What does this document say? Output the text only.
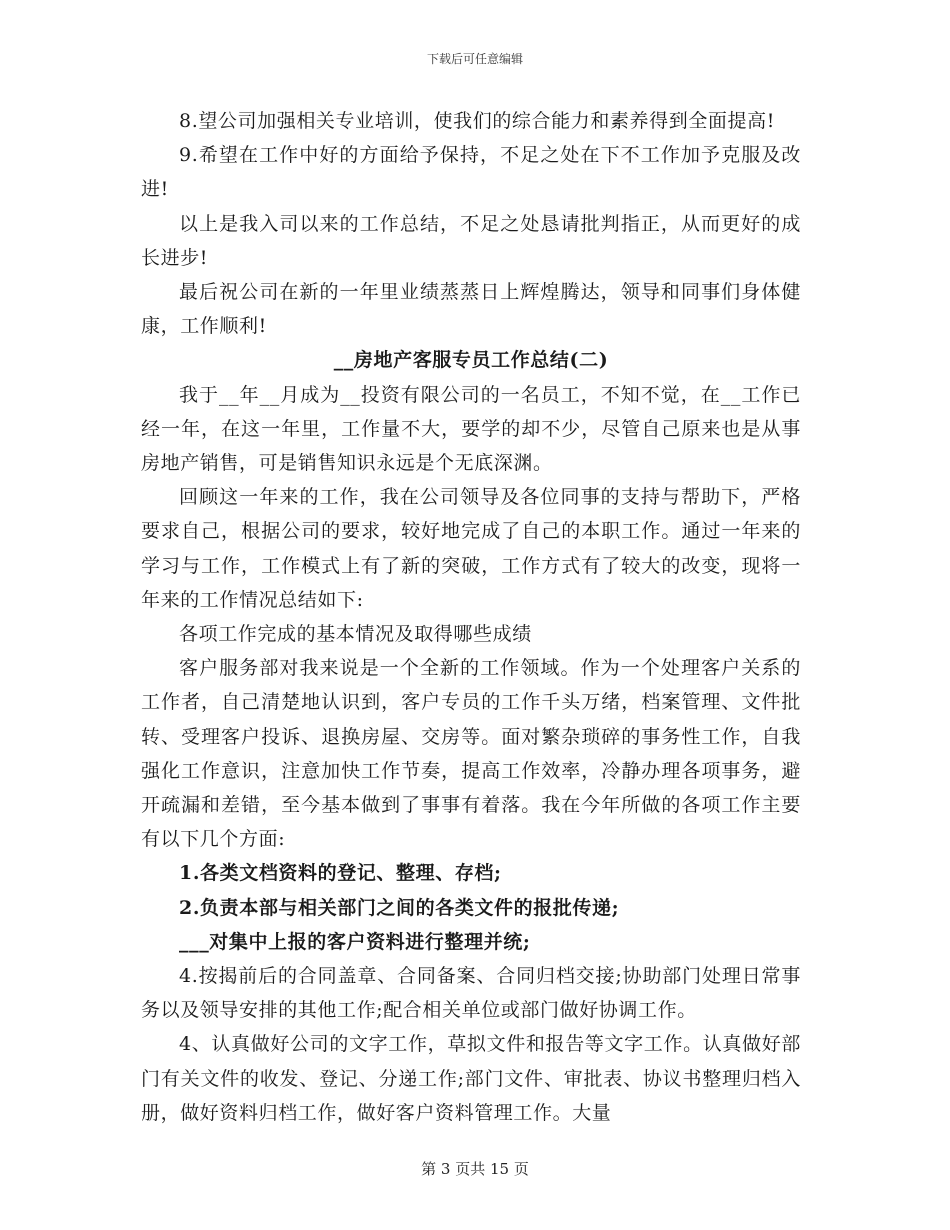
下载后可任意编辑

8.望公司加强相关专业培训，使我们的综合能力和素养得到全面提高!

9.希望在工作中好的方面给予保持，不足之处在下不工作加予克服及改进!

以上是我入司以来的工作总结，不足之处恳请批判指正，从而更好的成长进步!

最后祝公司在新的一年里业绩蒸蒸日上辉煌腾达，领导和同事们身体健康，工作顺利!

__房地产客服专员工作总结(二)

我于__年__月成为__投资有限公司的一名员工，不知不觉，在__工作已经一年，在这一年里，工作量不大，要学的却不少，尽管自己原来也是从事房地产销售，可是销售知识永远是个无底深渊。

回顾这一年来的工作，我在公司领导及各位同事的支持与帮助下，严格要求自己，根据公司的要求，较好地完成了自己的本职工作。通过一年来的学习与工作，工作模式上有了新的突破，工作方式有了较大的改变，现将一年来的工作情况总结如下:

各项工作完成的基本情况及取得哪些成绩

客户服务部对我来说是一个全新的工作领域。作为一个处理客户关系的工作者，自己清楚地认识到，客户专员的工作千头万绪，档案管理、文件批转、受理客户投诉、退换房屋、交房等。面对繁杂琐碎的事务性工作，自我强化工作意识，注意加快工作节奏，提高工作效率，冷静办理各项事务，避开疏漏和差错，至今基本做到了事事有着落。我在今年所做的各项工作主要有以下几个方面:

1.各类文档资料的登记、整理、存档;

2.负责本部与相关部门之间的各类文件的报批传递;

___对集中上报的客户资料进行整理并统;

4.按揭前后的合同盖章、合同备案、合同归档交接;协助部门处理日常事务以及领导安排的其他工作;配合相关单位或部门做好协调工作。

4、认真做好公司的文字工作，草拟文件和报告等文字工作。认真做好部门有关文件的收发、登记、分递工作;部门文件、审批表、协议书整理归档入册，做好资料归档工作，做好客户资料管理工作。大量

第 3 页共 15 页
